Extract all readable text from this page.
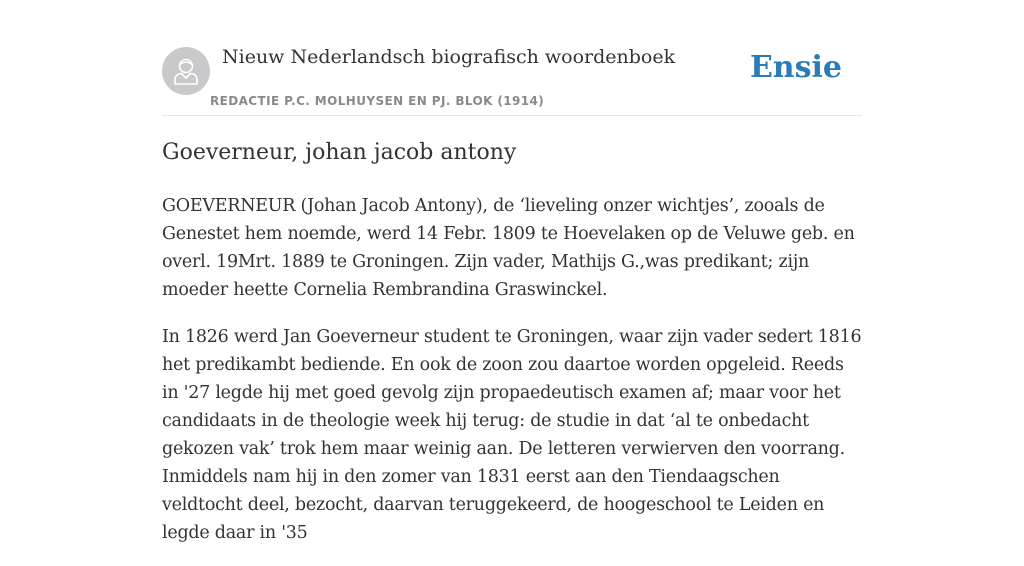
Nieuw Nederlandsch biografisch woordenboek
REDACTIE P.C. MOLHUYSEN EN PJ. BLOK (1914)
Ensie
Goeverneur, johan jacob antony

GOEVERNEUR (Johan Jacob Antony), de ‘lieveling onzer wichtjes’, zooals de Genestet hem noemde, werd 14 Febr. 1809 te Hoevelaken op de Veluwe geb. en overl. 19Mrt. 1889 te Groningen. Zijn vader, Mathijs G.,was predikant; zijn moeder heette Cornelia Rembrandina Graswinckel.

In 1826 werd Jan Goeverneur student te Groningen, waar zijn vader sedert 1816 het predikambt bediende. En ook de zoon zou daartoe worden opgeleid. Reeds in '27 legde hij met goed gevolg zijn propaedeutisch examen af; maar voor het candidaats in de theologie week hij terug: de studie in dat ‘al te onbedacht gekozen vak’ trok hem maar weinig aan. De letteren verwierven den voorrang. Inmiddels nam hij in den zomer van 1831 eerst aan den Tiendaagschen veldtocht deel, bezocht, daarvan teruggekeerd, de hoogeschool te Leiden en legde daar in '35
